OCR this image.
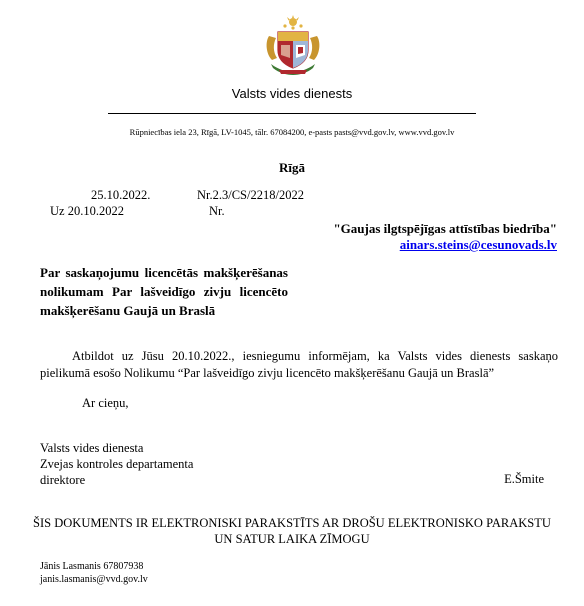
Valsts vides dienests
Rūpniecības iela 23, Rīgā, LV-1045, tālr. 67084200, e-pasts pasts@vvd.gov.lv, www.vvd.gov.lv
Rīgā
25.10.2022.	Nr.2.3/CS/2218/2022
Uz 20.10.2022	Nr.
"Gaujas ilgtspējīgas attīstības biedrība"
ainars.steins@cesunovads.lv
Par saskaņojumu licencētās makšķerēšanas nolikumam Par lašveidīgo zivju licencēto makšķerēšanu Gaujā un Braslā
Atbildot uz Jūsu 20.10.2022., iesniegumu informējam, ka Valsts vides dienests saskaņo pielikumā esošo Nolikumu “Par lašveidīgo zivju licencēto makšķerēšanu Gaujā un Braslā”
Ar cieņu,
Valsts vides dienesta
Zvejas kontroles departamenta
direktore	E.Šmite
ŠIS DOKUMENTS IR ELEKTRONISKI PARAKSTĪTS AR DROŠU ELEKTRONISKO PARAKSTU UN SATUR LAIKA ZĪMOGU
Jānis Lasmanis 67807938
janis.lasmanis@vvd.gov.lv
